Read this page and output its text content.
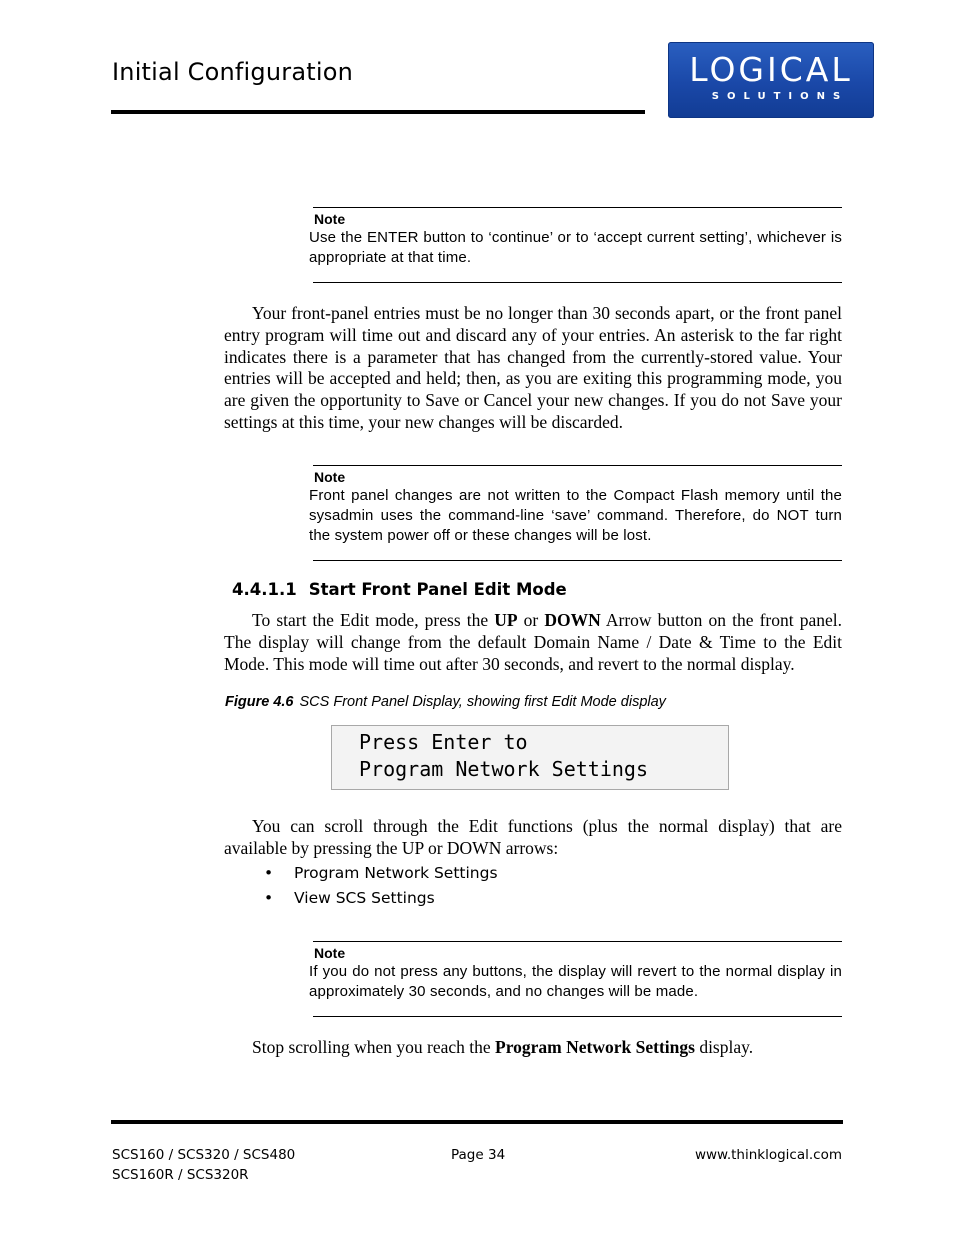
Initial Configuration	LOGICAL
SOLUTIONS
Note
Use the ENTER button to ‘continue’ or to ‘accept current setting’, whichever is appropriate at that time.
Your front-panel entries must be no longer than 30 seconds apart, or the front panel entry program will time out and discard any of your entries. An asterisk to the far right indicates there is a parameter that has changed from the currently-stored value. Your entries will be accepted and held; then, as you are exiting this programming mode, you are given the opportunity to Save or Cancel your new changes. If you do not Save your settings at this time, your new changes will be discarded.
Note
Front panel changes are not written to the Compact Flash memory until the sysadmin uses the command-line ‘save’ command. Therefore, do NOT turn the system power off or these changes will be lost.
4.4.1.1 Start Front Panel Edit Mode
To start the Edit mode, press the UP or DOWN Arrow button on the front panel. The display will change from the default Domain Name / Date & Time to the Edit Mode. This mode will time out after 30 seconds, and revert to the normal display.
Figure 4.6 SCS Front Panel Display, showing first Edit Mode display
Press Enter to
Program Network Settings
You can scroll through the Edit functions (plus the normal display) that are available by pressing the UP or DOWN arrows:
• Program Network Settings
• View SCS Settings
Note
If you do not press any buttons, the display will revert to the normal display in approximately 30 seconds, and no changes will be made.
Stop scrolling when you reach the Program Network Settings display.
SCS160 / SCS320 / SCS480
SCS160R / SCS320R
Page 34	www.thinklogical.com
